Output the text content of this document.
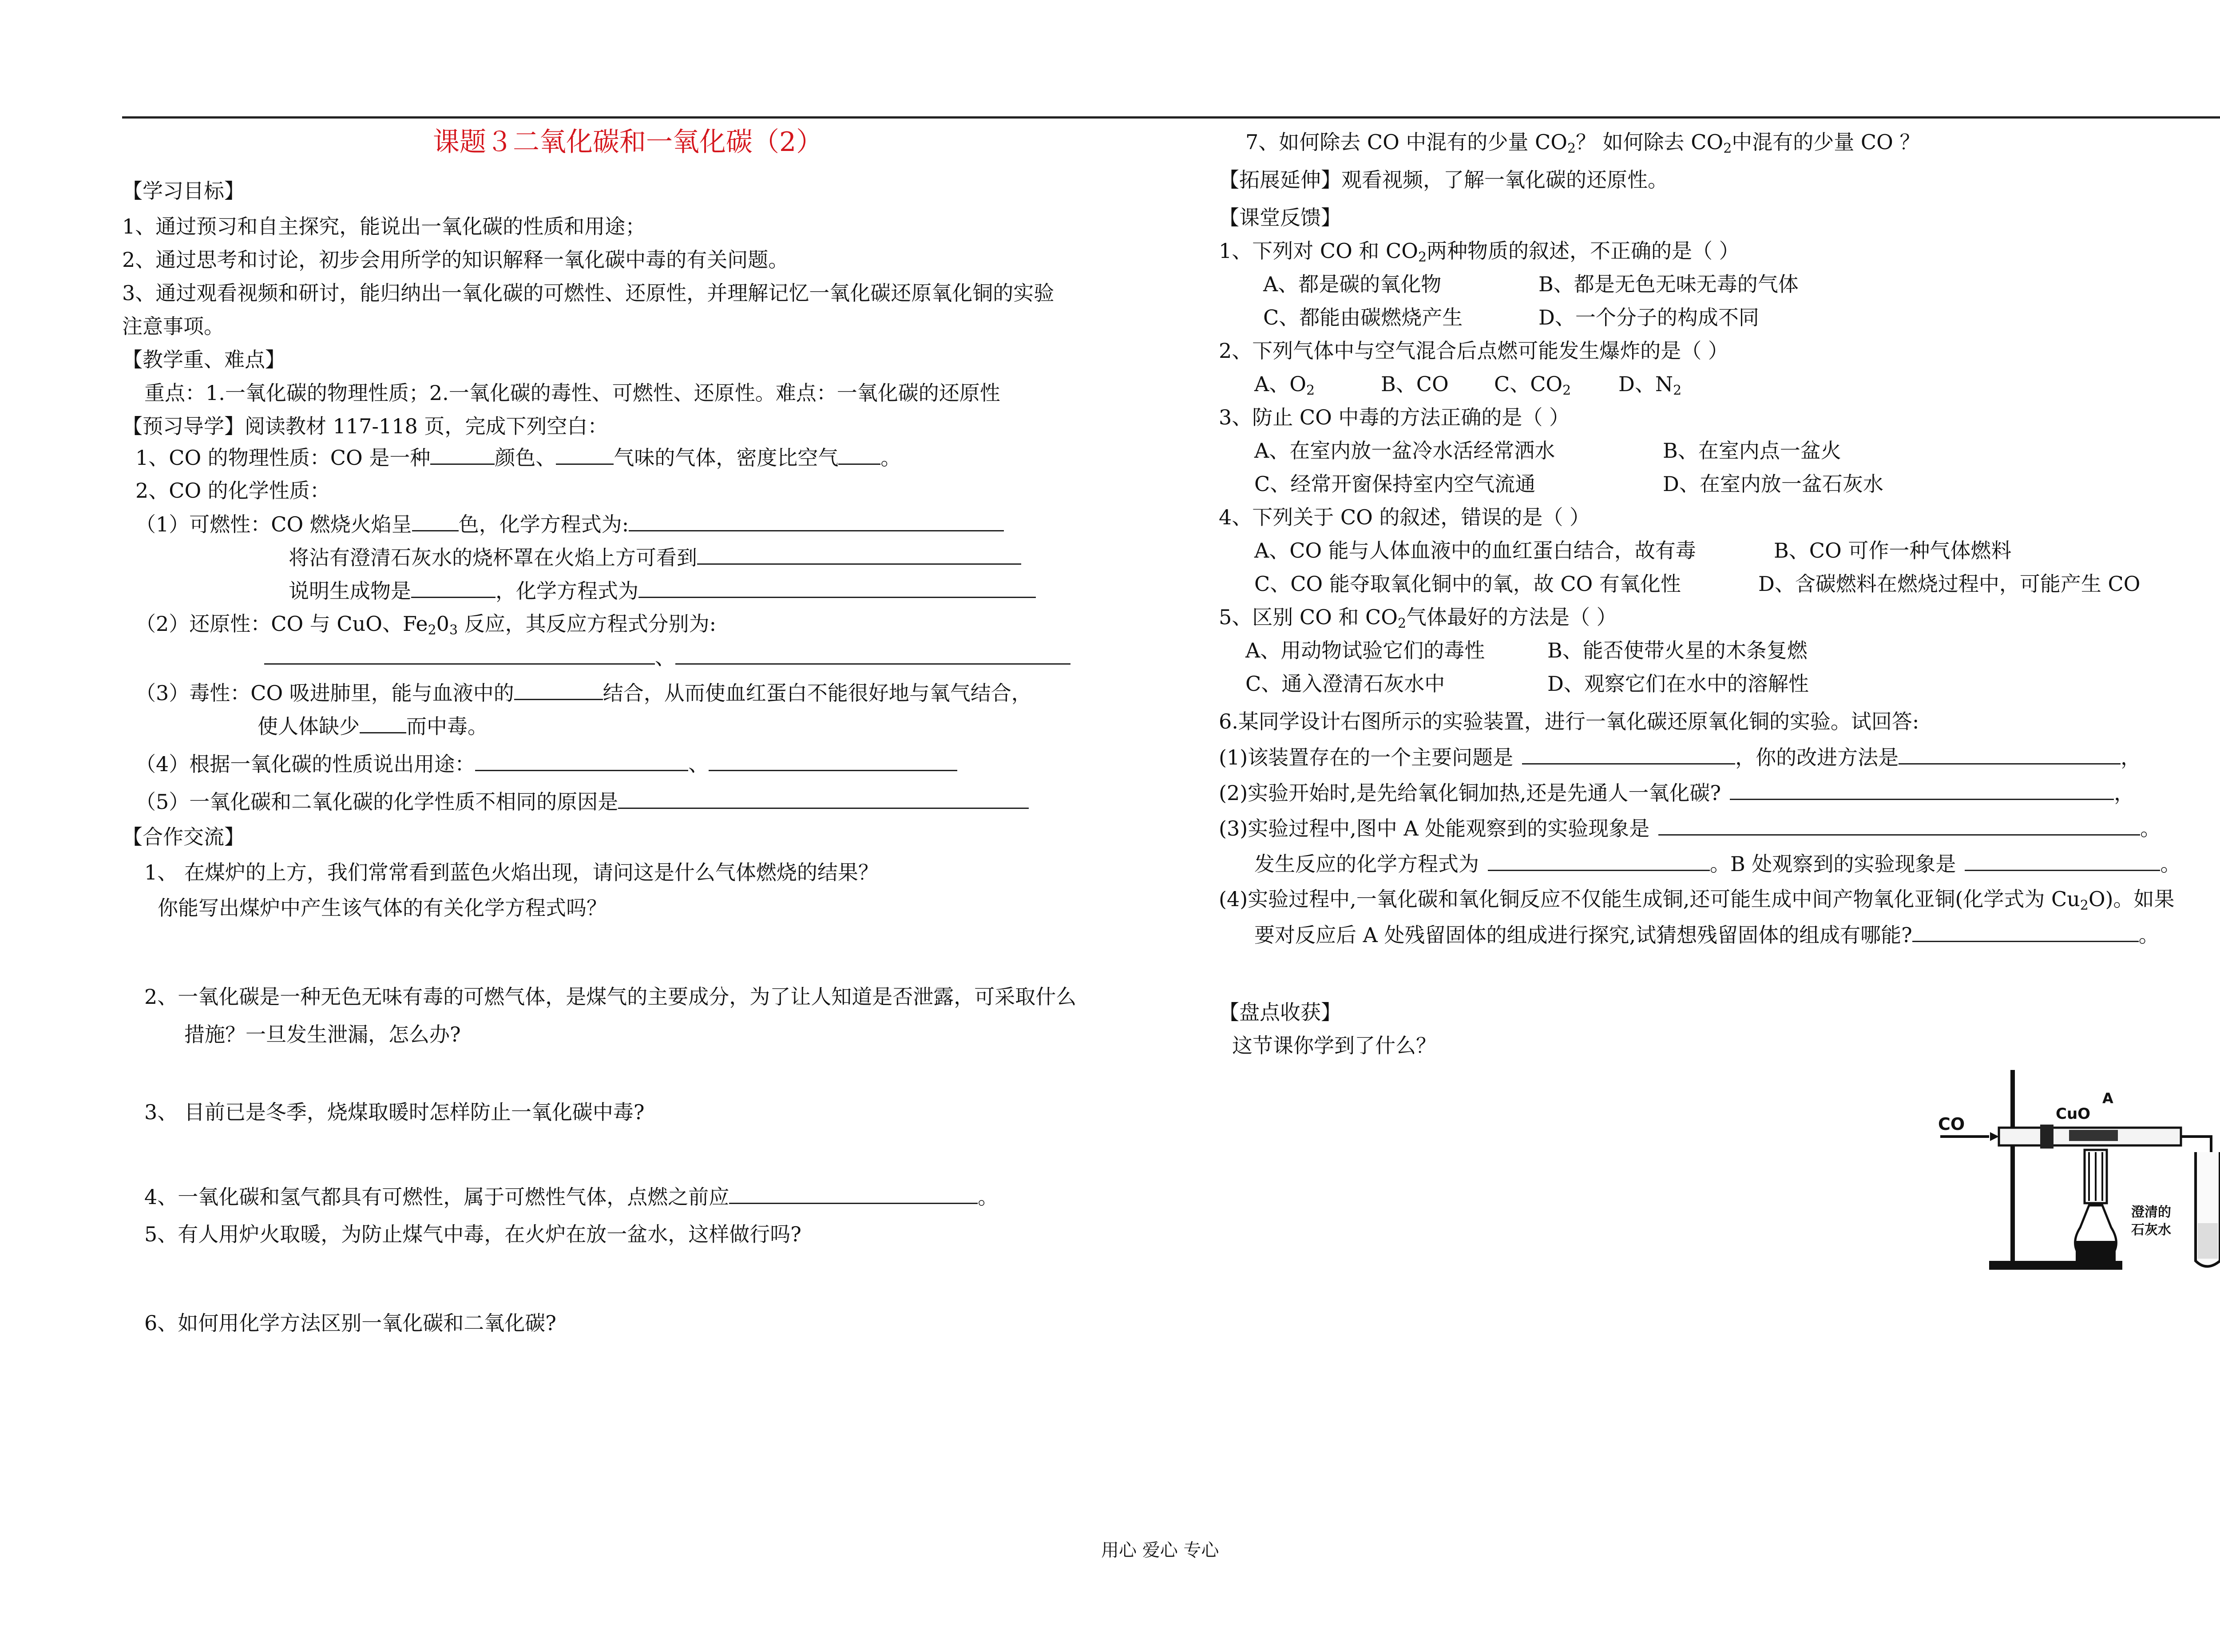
课题３二氧化碳和一氧化碳（2）
【学习目标】
1、通过预习和自主探究，能说出一氧化碳的性质和用途；
2、通过思考和讨论，初步会用所学的知识解释一氧化碳中毒的有关问题。
3、通过观看视频和研讨，能归纳出一氧化碳的可燃性、还原性，并理解记忆一氧化碳还原氧化铜的实验
注意事项。
【教学重、难点】
重点：1.一氧化碳的物理性质；2.一氧化碳的毒性、可燃性、还原性。难点：一氧化碳的还原性
【预习导学】阅读教材 117-118 页，完成下列空白：
1、CO 的物理性质：CO 是一种	颜色、	气味的气体，密度比空气 。
2、CO 的化学性质：
（1）可燃性：CO 燃烧火焰呈 色，化学方程式为:
将沾有澄清石灰水的烧杯罩在火焰上方可看到
说明生成物是	，化学方程式为
（2）还原性：CO 与 CuO、$Fe_20_3$ 反应，其反应方程式分别为:
、
（3）毒性：CO 吸进肺里，能与血液中的	结合，从而使血红蛋白不能很好地与氧气结合，
使人体缺少 而中毒。
（4）根据一氧化碳的性质说出用途：	、
（5）一氧化碳和二氧化碳的化学性质不相同的原因是
【合作交流】
1、 在煤炉的上方，我们常常看到蓝色火焰出现，请问这是什么气体燃烧的结果？
你能写出煤炉中产生该气体的有关化学方程式吗？
2、一氧化碳是一种无色无味有毒的可燃气体，是煤气的主要成分，为了让人知道是否泄露，可采取什么
措施？一旦发生泄漏，怎么办?
3、 目前已是冬季，烧煤取暖时怎样防止一氧化碳中毒?
4、一氧化碳和氢气都具有可燃性，属于可燃性气体，点燃之前应	。
5、有人用炉火取暖，为防止煤气中毒，在火炉在放一盆水，这样做行吗?
6、如何用化学方法区别一氧化碳和二氧化碳?
7、如何除去 CO 中混有的少量 $CO_2$？ 如何除去 $CO_2$中混有的少量 CO ？
【拓展延伸】观看视频，了解一氧化碳的还原性。
【课堂反馈】
1、下列对 CO 和 $CO_2$两种物质的叙述，不正确的是（ ）
A、都是碳的氧化物	B、都是无色无味无毒的气体
C、都能由碳燃烧产生	D、一个分子的构成不同
2、下列气体中与空气混合后点燃可能发生爆炸的是（ ）
A、$O_2$	B、CO C、$CO_2$ D、$N_2$
3、防止 CO 中毒的方法正确的是（ ）
A、在室内放一盆冷水活经常洒水	B、在室内点一盆火
C、经常开窗保持室内空气流通	D、在室内放一盆石灰水
4、下列关于 CO 的叙述，错误的是（ ）
A、CO 能与人体血液中的血红蛋白结合，故有毒	B、CO 可作一种气体燃料
C、CO 能夺取氧化铜中的氧，故 CO 有氧化性	D、含碳燃料在燃烧过程中，可能产生 CO
5、区别 CO 和 $CO_2$气体最好的方法是（ ）
A、用动物试验它们的毒性	B、能否使带火星的木条复燃
C、通入澄清石灰水中	D、观察它们在水中的溶解性
6.某同学设计右图所示的实验装置，进行一氧化碳还原氧化铜的实验。试回答:
(1)该装置存在的一个主要问题是	，你的改进方法是	，
(2)实验开始时,是先给氧化铜加热,还是先通人一氧化碳?	，
(3)实验过程中,图中 A 处能观察到的实验现象是	。
发生反应的化学方程式为	。B 处观察到的实验现象是	。
(4)实验过程中,一氧化碳和氧化铜反应不仅能生成铜,还可能生成中间产物氧化亚铜(化学式为 $Cu_2O$)。如果
要对反应后 A 处残留固体的组成进行探究,试猜想残留固体的组成有哪能?	。
【盘点收获】
这节课你学到了什么？
CO
CuO
A
澄清的
石灰水
用心 爱心 专心
